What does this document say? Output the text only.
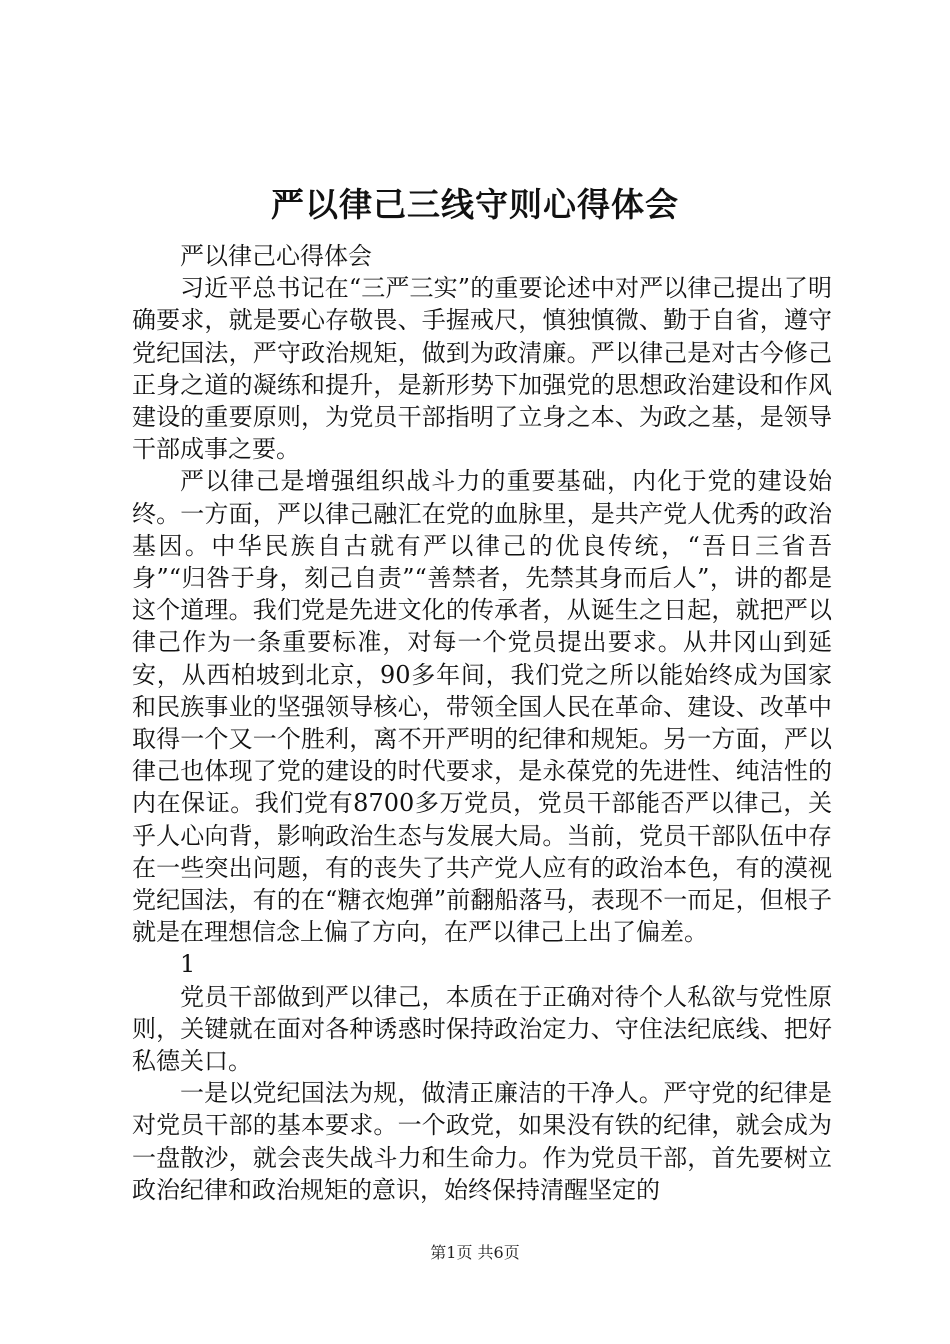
严以律己三线守则心得体会

严以律己心得体会

习近平总书记在“三严三实”的重要论述中对严以律己提出了明确要求，就是要心存敬畏、手握戒尺，慎独慎微、勤于自省，遵守党纪国法，严守政治规矩，做到为政清廉。严以律己是对古今修己正身之道的凝练和提升，是新形势下加强党的思想政治建设和作风建设的重要原则，为党员干部指明了立身之本、为政之基，是领导干部成事之要。

严以律己是增强组织战斗力的重要基础，内化于党的建设始终。一方面，严以律己融汇在党的血脉里，是共产党人优秀的政治基因。中华民族自古就有严以律己的优良传统，“吾日三省吾身”“归咎于身，刻己自责”“善禁者，先禁其身而后人”，讲的都是这个道理。我们党是先进文化的传承者，从诞生之日起，就把严以律己作为一条重要标准，对每一个党员提出要求。从井冈山到延安，从西柏坡到北京，90多年间，我们党之所以能始终成为国家和民族事业的坚强领导核心，带领全国人民在革命、建设、改革中取得一个又一个胜利，离不开严明的纪律和规矩。另一方面，严以律己也体现了党的建设的时代要求，是永葆党的先进性、纯洁性的内在保证。我们党有8700多万党员，党员干部能否严以律己，关乎人心向背，影响政治生态与发展大局。当前，党员干部队伍中存在一些突出问题，有的丧失了共产党人应有的政治本色，有的漠视党纪国法，有的在“糖衣炮弹”前翻船落马，表现不一而足，但根子就是在理想信念上偏了方向，在严以律己上出了偏差。

1

党员干部做到严以律己，本质在于正确对待个人私欲与党性原则，关键就在面对各种诱惑时保持政治定力、守住法纪底线、把好私德关口。

一是以党纪国法为规，做清正廉洁的干净人。严守党的纪律是对党员干部的基本要求。一个政党，如果没有铁的纪律，就会成为一盘散沙，就会丧失战斗力和生命力。作为党员干部，首先要树立政治纪律和政治规矩的意识，始终保持清醒坚定的

第1页 共6页
